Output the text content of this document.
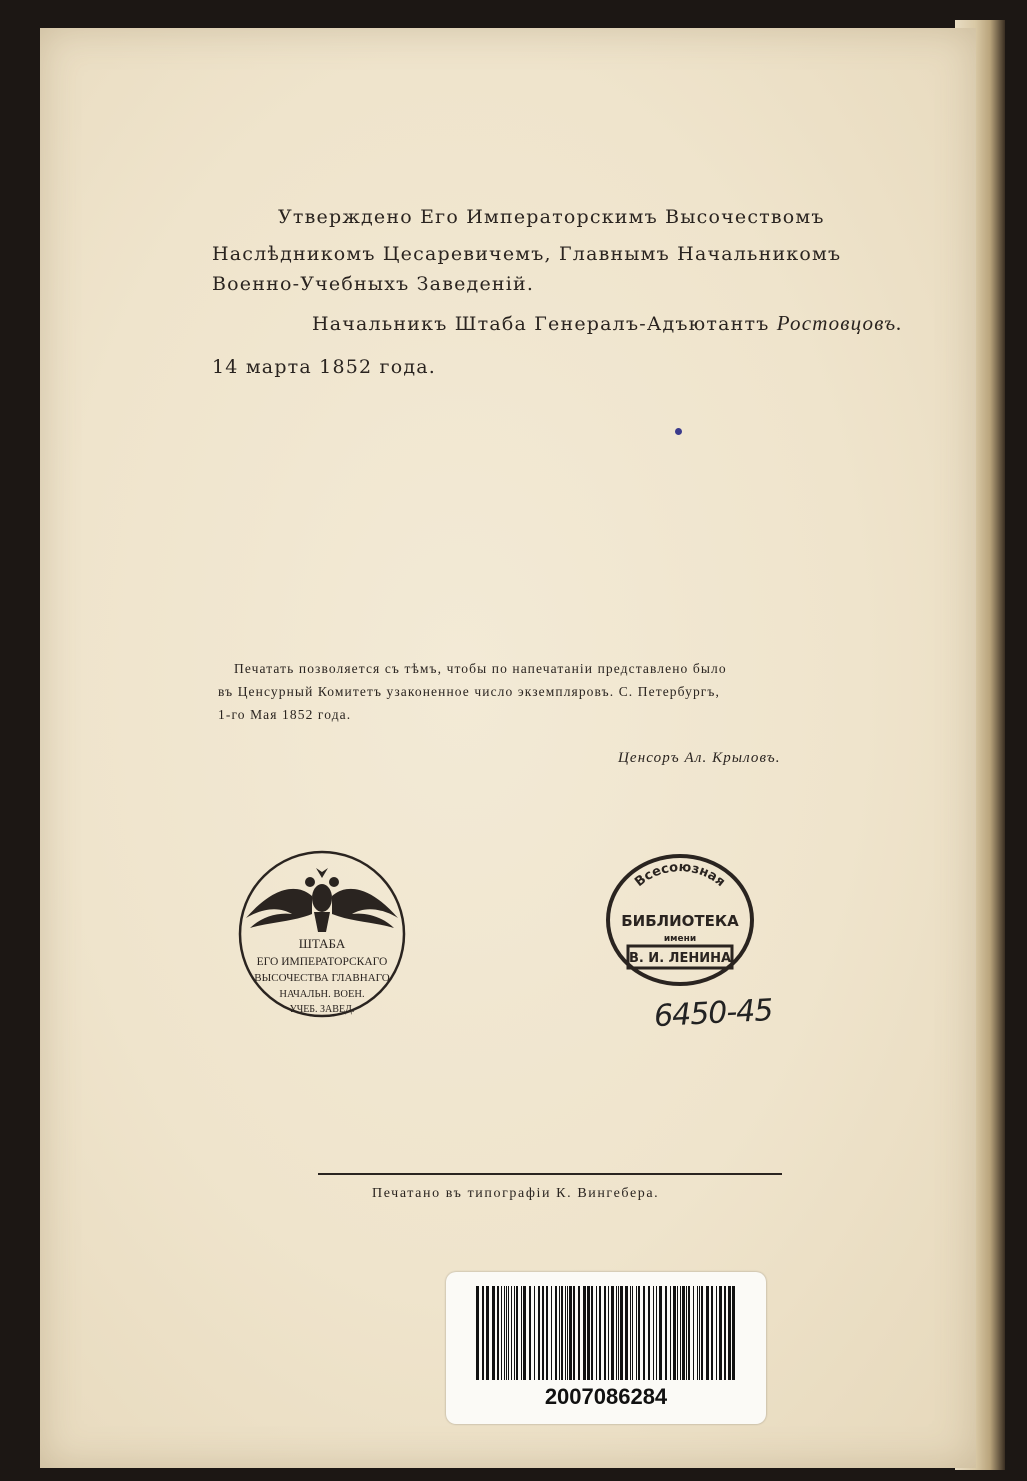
Утверждено Его Императорскимъ Высочествомъ
Наслѣдникомъ Цесаревичемъ, Главнымъ Начальникомъ
Военно-Учебныхъ Заведеній.
Начальникъ Штаба Генералъ-Адъютантъ Ростовцовъ.
14 марта 1852 года.
Печатать позволяется съ тѣмъ, чтобы по напечатаніи представлено было
въ Ценсурный Комитетъ узаконенное число экземпляровъ. С. Петербургъ,
1-го Мая 1852 года.
Ценсоръ Ал. Крыловъ.
ШТАБА
ЕГО ИМПЕРАТОРСКАГО
ВЫСОЧЕСТВА ГЛАВНАГО
НАЧАЛЬН. ВОЕН.
УЧЕБ. ЗАВЕД.
Всесоюзная
БИБЛИОТЕКА
имени
В. И. ЛЕНИНА
6450-45
Печатано въ типографіи К. Вингебера.
2007086284
